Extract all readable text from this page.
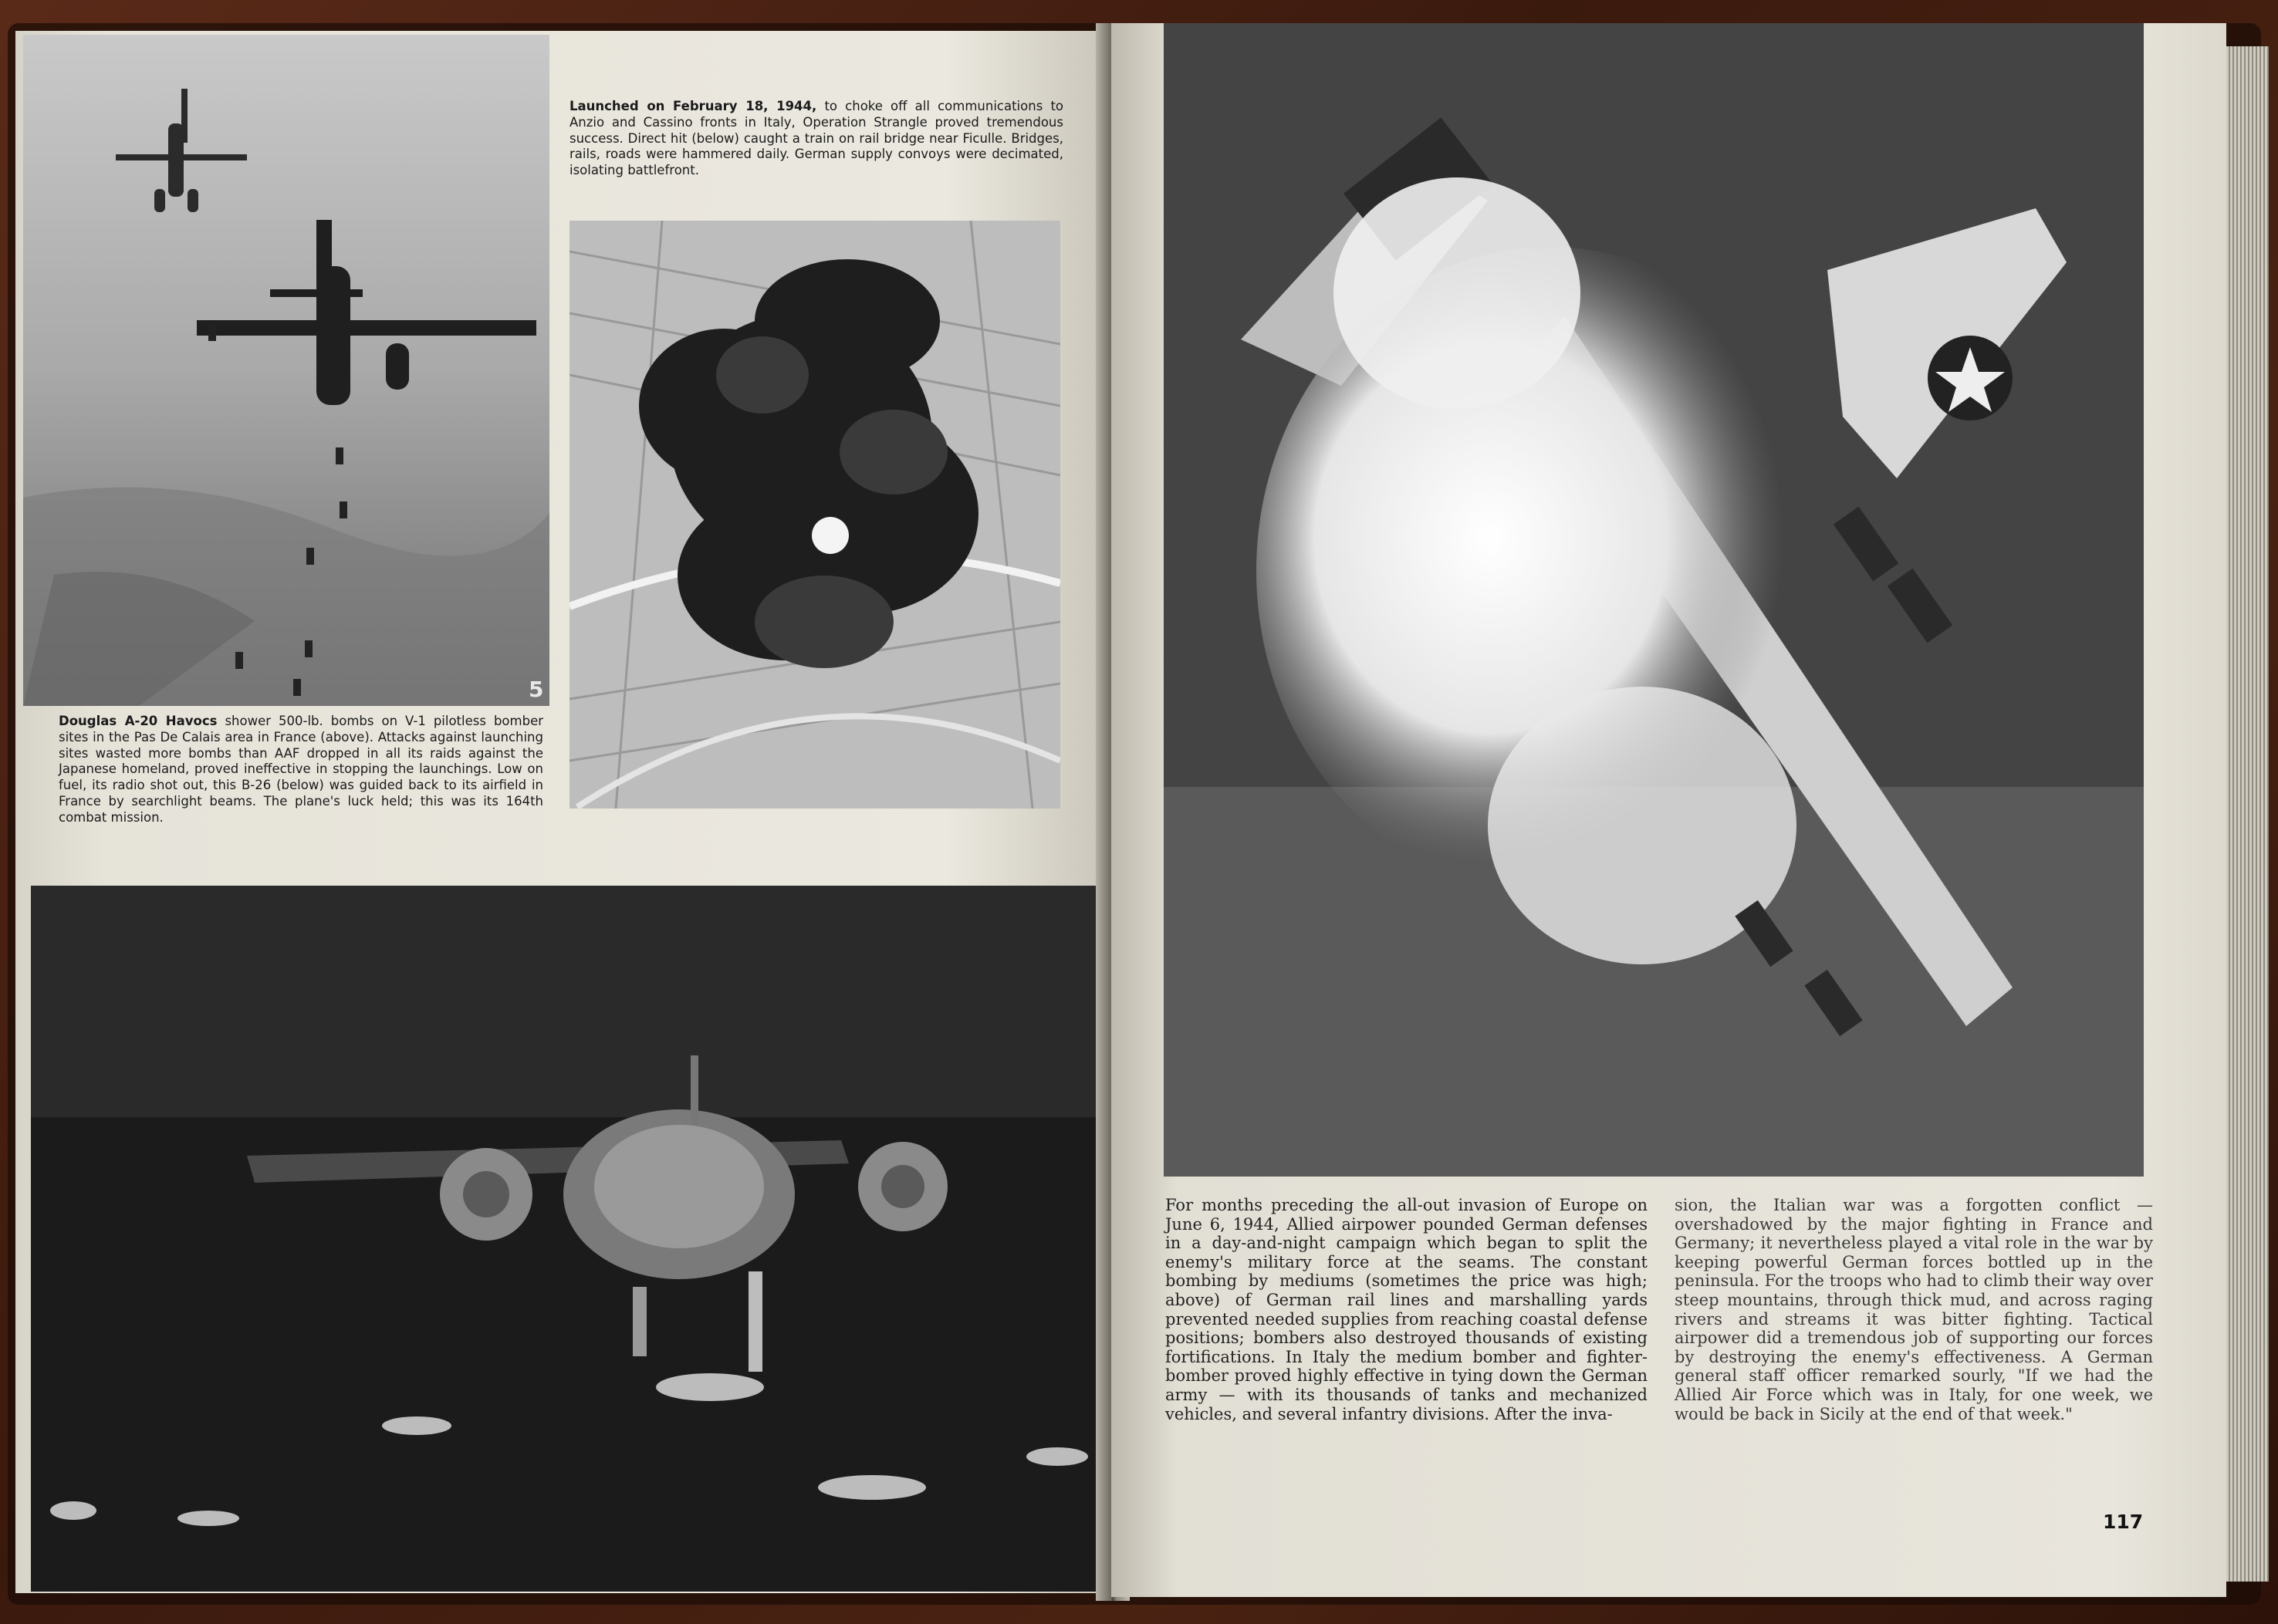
5

Launched on February 18, 1944, to choke off all communications to Anzio and Cassino fronts in Italy, Operation Strangle proved tremendous success. Direct hit (below) caught a train on rail bridge near Ficulle. Bridges, rails, roads were hammered daily. German supply convoys were decimated, isolating battlefront.

Douglas A-20 Havocs shower 500-lb. bombs on V-1 pilotless bomber sites in the Pas De Calais area in France (above). Attacks against launching sites wasted more bombs than AAF dropped in all its raids against the Japanese homeland, proved ineffective in stopping the launchings. Low on fuel, its radio shot out, this B-26 (below) was guided back to its airfield in France by searchlight beams. The plane's luck held; this was its 164th combat mission.

For months preceding the all-out invasion of Europe on June 6, 1944, Allied airpower pounded German defenses in a day-and-night campaign which began to split the enemy's military force at the seams. The constant bombing by mediums (sometimes the price was high; above) of German rail lines and marshalling yards prevented needed supplies from reaching coastal defense positions; bombers also destroyed thousands of existing fortifications. In Italy the medium bomber and fighter-bomber proved highly effective in tying down the German army — with its thousands of tanks and mechanized vehicles, and several infantry divisions. After the inva-

sion, the Italian war was a forgotten conflict — overshadowed by the major fighting in France and Germany; it nevertheless played a vital role in the war by keeping powerful German forces bottled up in the peninsula. For the troops who had to climb their way over steep mountains, through thick mud, and across raging rivers and streams it was bitter fighting. Tactical airpower did a tremendous job of supporting our forces by destroying the enemy's effectiveness. A German general staff officer remarked sourly, "If we had the Allied Air Force which was in Italy, for one week, we would be back in Sicily at the end of that week."

117
